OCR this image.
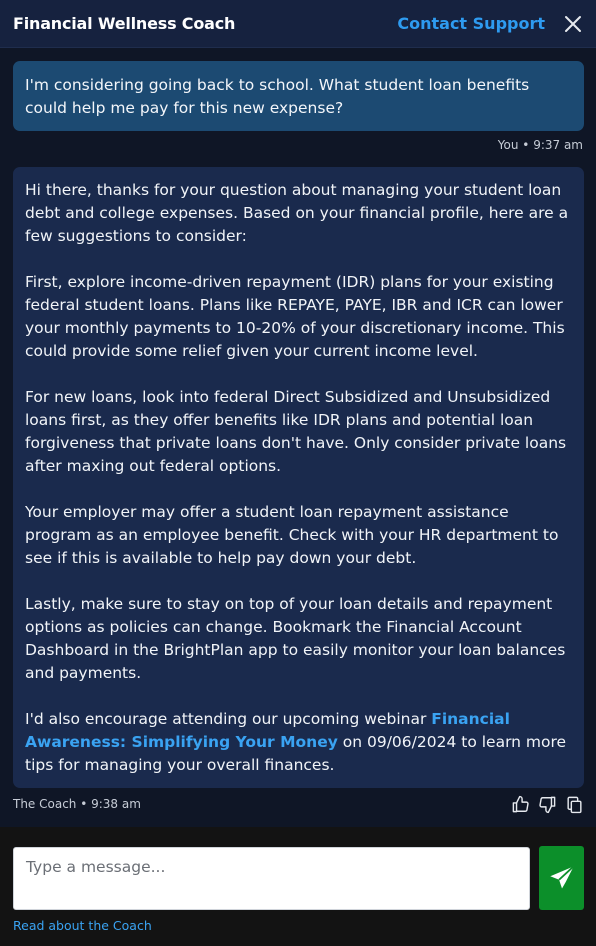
Financial Wellness Coach	Contact Support
I'm considering going back to school. What student loan benefits could help me pay for this new expense?
You • 9:37 am

Hi there, thanks for your question about managing your student loan debt and college expenses. Based on your financial profile, here are a few suggestions to consider:

First, explore income-driven repayment (IDR) plans for your existing federal student loans. Plans like REPAYE, PAYE, IBR and ICR can lower your monthly payments to 10-20% of your discretionary income. This could provide some relief given your current income level.

For new loans, look into federal Direct Subsidized and Unsubsidized loans first, as they offer benefits like IDR plans and potential loan forgiveness that private loans don't have. Only consider private loans after maxing out federal options.

Your employer may offer a student loan repayment assistance program as an employee benefit. Check with your HR department to see if this is available to help pay down your debt.

Lastly, make sure to stay on top of your loan details and repayment options as policies can change. Bookmark the Financial Account Dashboard in the BrightPlan app to easily monitor your loan balances and payments.

I'd also encourage attending our upcoming webinar Financial Awareness: Simplifying Your Money on 09/06/2024 to learn more tips for managing your overall finances.

The Coach • 9:38 am
Type a message...
Read about the Coach
